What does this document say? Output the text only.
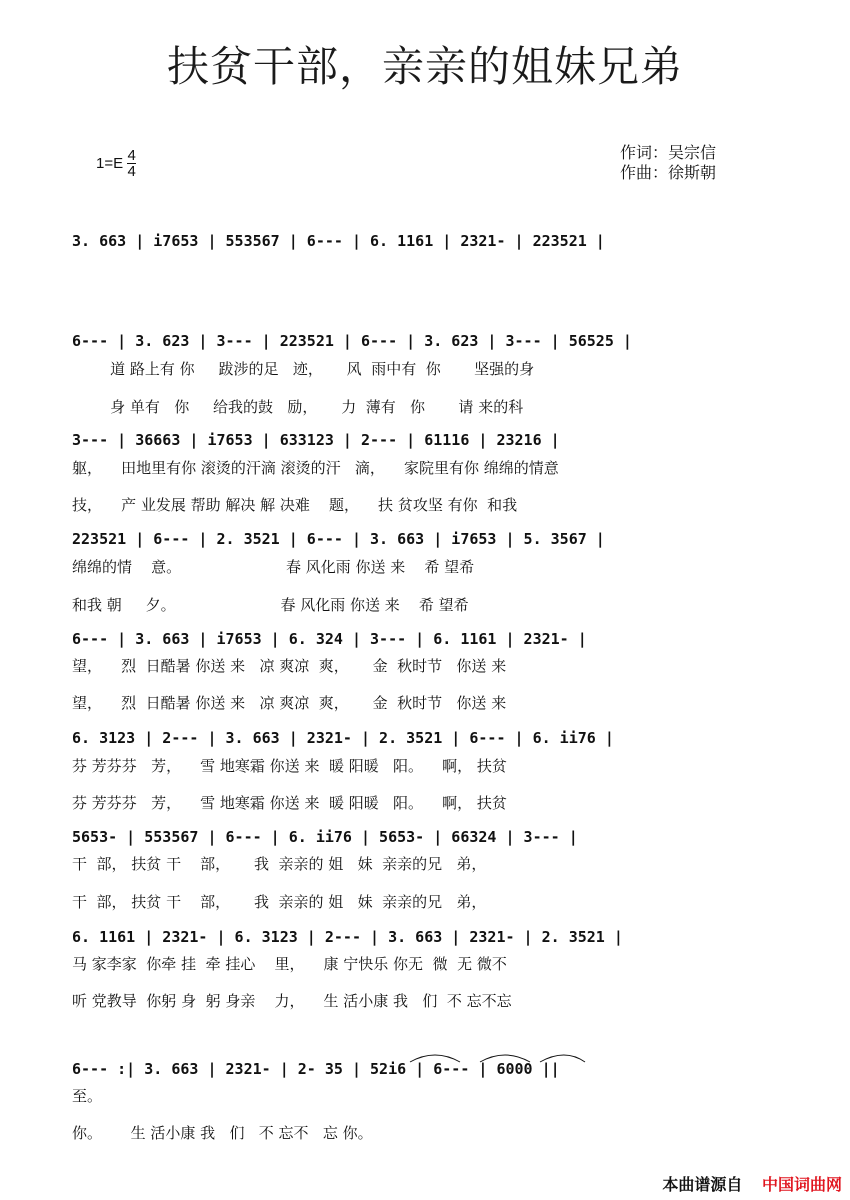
扶贫干部，亲亲的姐妹兄弟
$1=E \frac{4}{4}$	作词：吴宗信
作曲：徐斯朝
3. 663 | i7653 | 553567 | 6--- | 6. 1161 | 2321- | 223521 |
6--- | 3. 623 | 3--- | 223521 | 6--- | 3. 623 | 3--- | 56525 |
道 路上有 你     跋涉的足   迹，     风  雨中有  你       坚强的身
身 单有   你     给我的鼓   励，     力  薄有   你       请 来的科
3--- | 36663 | i7653 | 633123 | 2--- | 61116 | 23216 |
躯，    田地里有你 滚烫的汗滴 滚烫的汗   滴，    家院里有你 绵绵的情意
技，    产 业发展 帮助 解决 解 决难    题，    扶 贫攻坚 有你  和我
223521 | 6--- | 2. 3521 | 6--- | 3. 663 | i7653 | 5. 3567 |
绵绵的情    意。                      春 风化雨 你送 来    希 望希
和我 朝     夕。                      春 风化雨 你送 来    希 望希
6--- | 3. 663 | i7653 | 6. 324 | 3--- | 6. 1161 | 2321- |
望，    烈  日酷暑 你送 来   凉 爽凉  爽，     金  秋时节   你送 来
望，    烈  日酷暑 你送 来   凉 爽凉  爽，     金  秋时节   你送 来
6. 3123 | 2--- | 3. 663 | 2321- | 2. 3521 | 6--- | 6. ii76 |
芬 芳芬芬   芳，    雪 地寒霜 你送 来  暖 阳暖   阳。    啊， 扶贫
芬 芳芬芬   芳，    雪 地寒霜 你送 来  暖 阳暖   阳。    啊， 扶贫
5653- | 553567 | 6--- | 6. ii76 | 5653- | 66324 | 3--- |
干  部， 扶贫 干    部，     我  亲亲的 姐   妹  亲亲的兄   弟，
干  部， 扶贫 干    部，     我  亲亲的 姐   妹  亲亲的兄   弟，
6. 1161 | 2321- | 6. 3123 | 2--- | 3. 663 | 2321- | 2. 3521 |
马 家李家  你牵 挂  牵 挂心    里，    康 宁快乐 你无  微  无 微不
听 党教导  你躬 身  躬 身亲    力，    生 活小康 我   们  不 忘不忘
6--- :| 3. 663 | 2321- | 2- 35 | 52i6 | 6--- | 6000 ||
至。
你。      生 活小康 我   们   不 忘不   忘 你。
本曲谱源自 中国词曲网
